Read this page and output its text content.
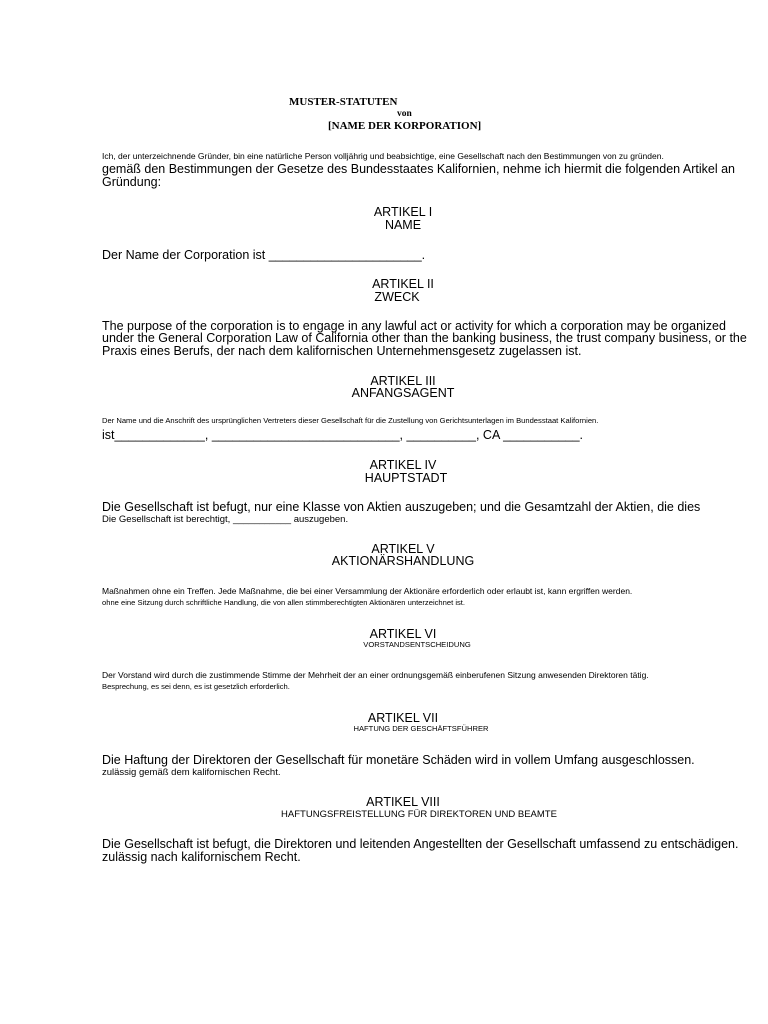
MUSTER-STATUTEN
von
[NAME DER KORPORATION]
Ich, der unterzeichnende Gründer, bin eine natürliche Person volljährig und beabsichtige, eine Gesellschaft nach den Bestimmungen von zu gründen.
gemäß den Bestimmungen der Gesetze des Bundesstaates Kalifornien, nehme ich hiermit die folgenden Artikel an
Gründung:
ARTIKEL I
NAME
Der Name der Corporation ist ______________________.
ARTIKEL II
ZWECK
The purpose of the corporation is to engage in any lawful act or activity for which a corporation may be organized
under the General Corporation Law of California other than the banking business, the trust company business, or the
Praxis eines Berufs, der nach dem kalifornischen Unternehmensgesetz zugelassen ist.
ARTIKEL III
ANFANGSAGENT
Der Name und die Anschrift des ursprünglichen Vertreters dieser Gesellschaft für die Zustellung von Gerichtsunterlagen im Bundesstaat Kalifornien.
ist_____________, ___________________________, __________, CA ___________.
ARTIKEL IV
HAUPTSTADT
Die Gesellschaft ist befugt, nur eine Klasse von Aktien auszugeben; und die Gesamtzahl der Aktien, die dies
Die Gesellschaft ist berechtigt, ___________ auszugeben.
ARTIKEL V
AKTIONÄRSHANDLUNG
Maßnahmen ohne ein Treffen. Jede Maßnahme, die bei einer Versammlung der Aktionäre erforderlich oder erlaubt ist, kann ergriffen werden.
ohne eine Sitzung durch schriftliche Handlung, die von allen stimmberechtigten Aktionären unterzeichnet ist.
ARTIKEL VI
VORSTANDSENTSCHEIDUNG
Der Vorstand wird durch die zustimmende Stimme der Mehrheit der an einer ordnungsgemäß einberufenen Sitzung anwesenden Direktoren tätig.
Besprechung, es sei denn, es ist gesetzlich erforderlich.
ARTIKEL VII
HAFTUNG DER GESCHÄFTSFÜHRER
Die Haftung der Direktoren der Gesellschaft für monetäre Schäden wird in vollem Umfang ausgeschlossen.
zulässig gemäß dem kalifornischen Recht.
ARTIKEL VIII
HAFTUNGSFREISTELLUNG FÜR DIREKTOREN UND BEAMTE
Die Gesellschaft ist befugt, die Direktoren und leitenden Angestellten der Gesellschaft umfassend zu entschädigen.
zulässig nach kalifornischem Recht.
